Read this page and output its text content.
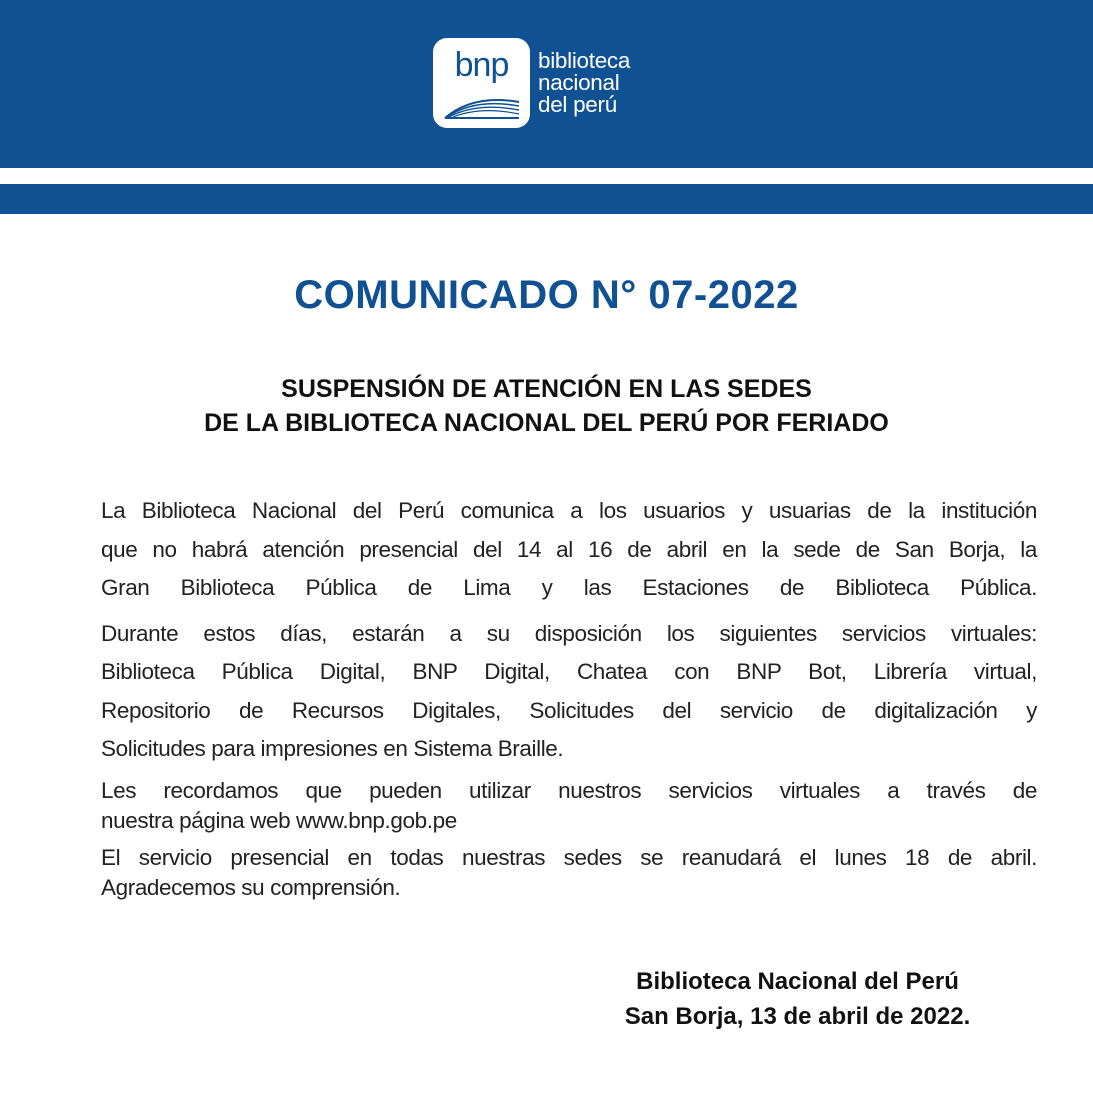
bnp	biblioteca
nacional
del perú
COMUNICADO N° 07-2022
SUSPENSIÓN DE ATENCIÓN EN LAS SEDES
DE LA BIBLIOTECA NACIONAL DEL PERÚ POR FERIADO

La Biblioteca Nacional del Perú comunica a los usuarios y usuarias de la institución
que no habrá atención presencial del 14 al 16 de abril en la sede de San Borja, la
Gran Biblioteca Pública de Lima y las Estaciones de Biblioteca Pública.

Durante estos días, estarán a su disposición los siguientes servicios virtuales:
Biblioteca Pública Digital, BNP Digital, Chatea con BNP Bot, Librería virtual,
Repositorio de Recursos Digitales, Solicitudes del servicio de digitalización y
Solicitudes para impresiones en Sistema Braille.

Les recordamos que pueden utilizar nuestros servicios virtuales a través de
nuestra página web www.bnp.gob.pe

El servicio presencial en todas nuestras sedes se reanudará el lunes 18 de abril.
Agradecemos su comprensión.

Biblioteca Nacional del Perú
San Borja, 13 de abril de 2022.
